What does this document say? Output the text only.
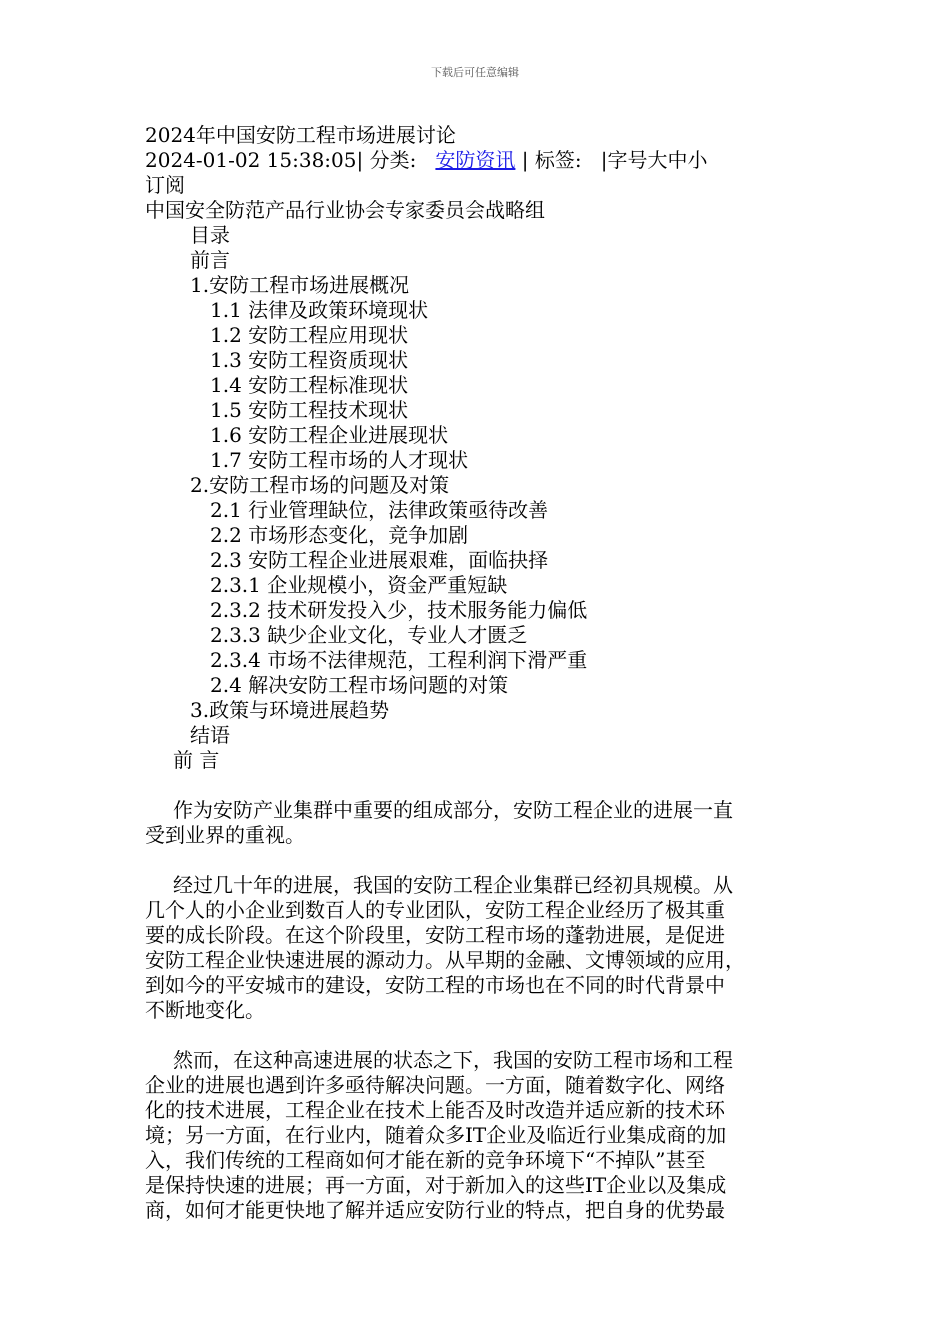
下载后可任意编辑
2024年中国安防工程市场进展讨论
2024-01-02 15:38:05| 分类: 安防资讯 | 标签: |字号大中小
订阅
中国安全防范产品行业协会专家委员会战略组
目录
前言
1.安防工程市场进展概况
1.1 法律及政策环境现状
1.2 安防工程应用现状
1.3 安防工程资质现状
1.4 安防工程标准现状
1.5 安防工程技术现状
1.6 安防工程企业进展现状
1.7 安防工程市场的人才现状
2.安防工程市场的问题及对策
2.1 行业管理缺位，法律政策亟待改善
2.2 市场形态变化，竞争加剧
2.3 安防工程企业进展艰难，面临抉择
2.3.1 企业规模小，资金严重短缺
2.3.2 技术研发投入少，技术服务能力偏低
2.3.3 缺少企业文化，专业人才匮乏
2.3.4 市场不法律规范，工程利润下滑严重
2.4 解决安防工程市场问题的对策
3.政策与环境进展趋势
结语
前 言
作为安防产业集群中重要的组成部分，安防工程企业的进展一直
受到业界的重视。
经过几十年的进展，我国的安防工程企业集群已经初具规模。从
几个人的小企业到数百人的专业团队，安防工程企业经历了极其重
要的成长阶段。在这个阶段里，安防工程市场的蓬勃进展，是促进
安防工程企业快速进展的源动力。从早期的金融、文博领域的应用，
到如今的平安城市的建设，安防工程的市场也在不同的时代背景中
不断地变化。
然而，在这种高速进展的状态之下，我国的安防工程市场和工程
企业的进展也遇到许多亟待解决问题。一方面，随着数字化、网络
化的技术进展，工程企业在技术上能否及时改造并适应新的技术环
境；另一方面，在行业内，随着众多IT企业及临近行业集成商的加
入，我们传统的工程商如何才能在新的竞争环境下“不掉队”甚至
是保持快速的进展；再一方面，对于新加入的这些IT企业以及集成
商，如何才能更快地了解并适应安防行业的特点，把自身的优势最
